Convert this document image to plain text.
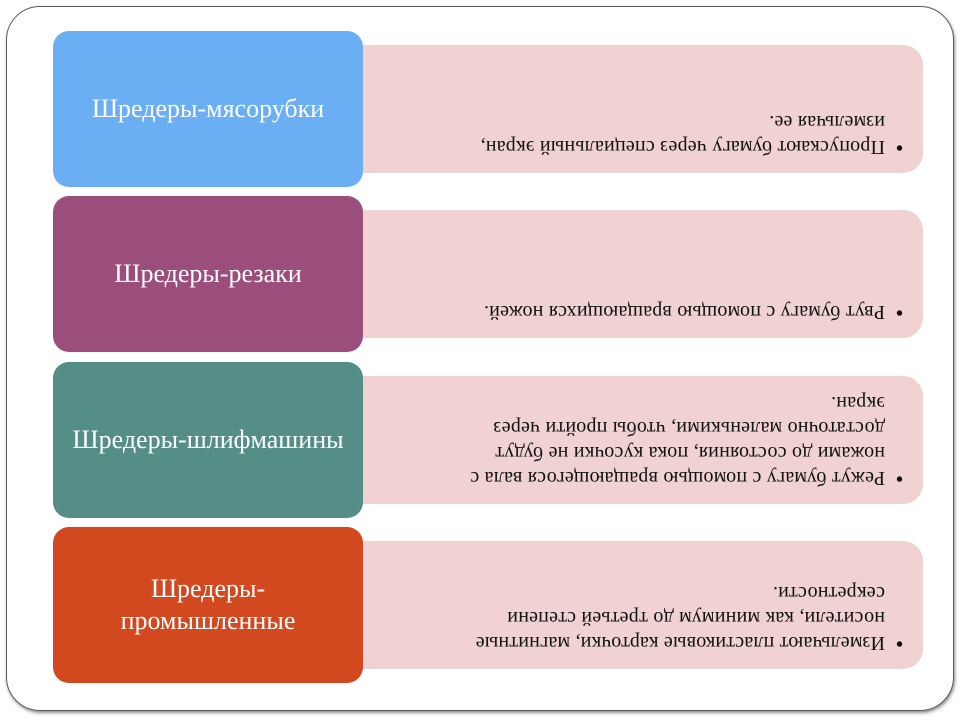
•
Пропускают бумагу через специальный экран, измельчая ее.
Шредеры-мясорубки
•
Рвут бумагу с помощью вращающихся ножей.
Шредеры-резаки
•
Режут бумагу с помощью вращающегося вала с ножами до состояния, пока кусочки не будут достаточно маленькими, чтобы пройти через экран.
Шредеры-шлифмашины
•
Измельчают пластиковые карточки, магнитные носители, как минимум до третьей степени секретности.
Шредеры-промышленные
